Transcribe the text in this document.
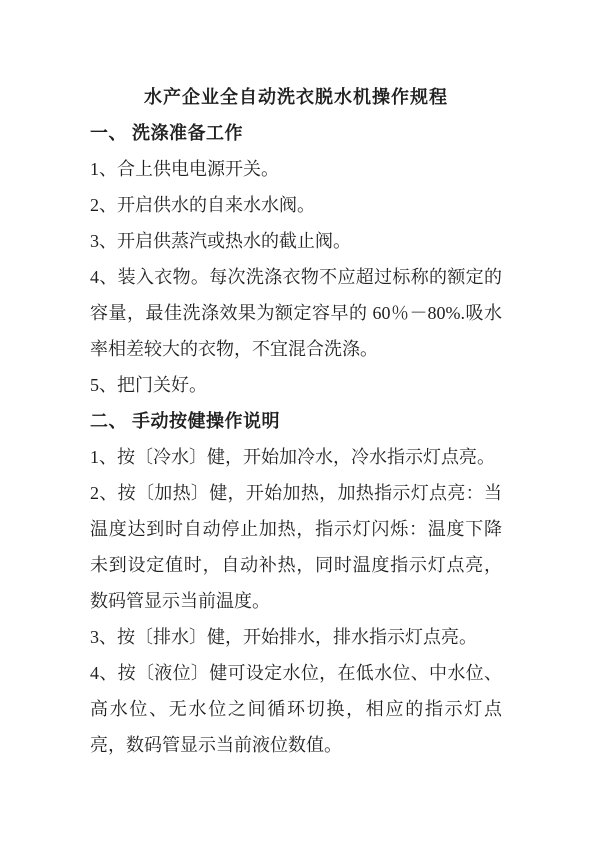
水产企业全自动洗衣脱水机操作规程
一、 洗涤准备工作

1、合上供电电源开关。

2、开启供水的自来水水阀。

3、开启供蒸汽或热水的截止阀。

4、装入衣物。每次洗涤衣物不应超过标称的额定的容量，最佳洗涤效果为额定容早的 60％－80%.吸水率相差较大的衣物，不宜混合洗涤。

5、把门关好。

二、 手动按健操作说明

1、按〔冷水〕健，开始加冷水，冷水指示灯点亮。

2、按〔加热〕健，开始加热，加热指示灯点亮：当温度达到时自动停止加热，指示灯闪烁：温度下降未到设定值时，自动补热，同时温度指示灯点亮，数码管显示当前温度。

3、按〔排水〕健，开始排水，排水指示灯点亮。

4、按〔液位〕健可设定水位，在低水位、中水位、高水位、无水位之间循环切换，相应的指示灯点亮，数码管显示当前液位数值。
